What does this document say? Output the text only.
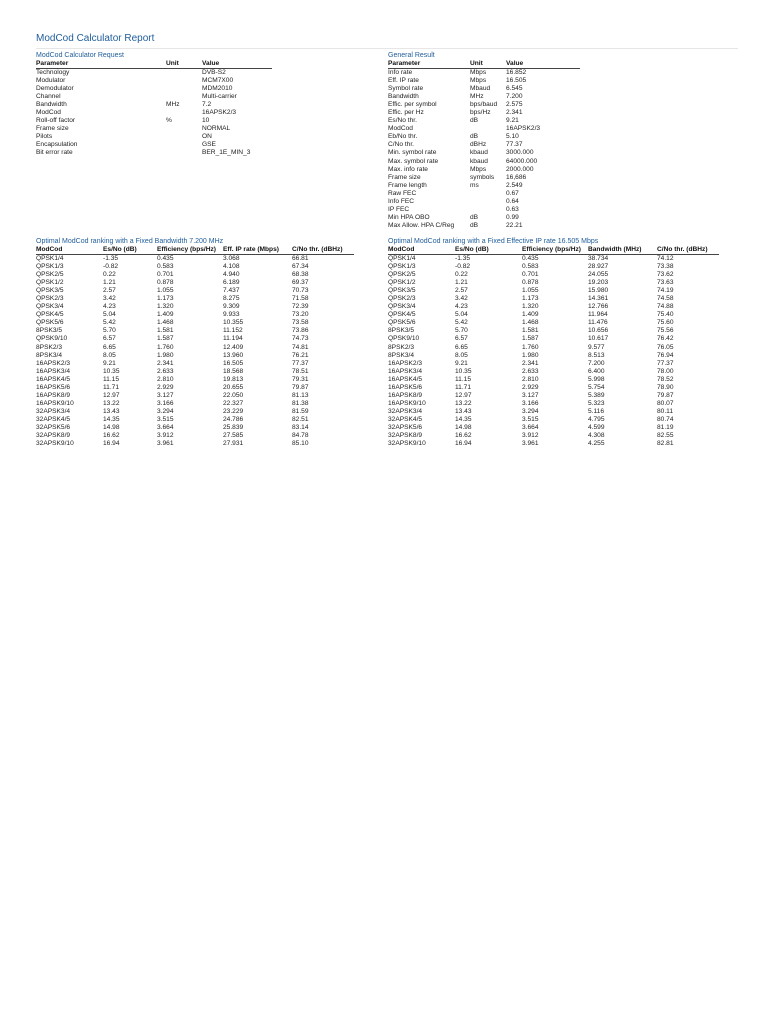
ModCod Calculator Report
ModCod Calculator Request
Parameter	Unit	Value
Technology		DVB-S2
Modulator		MCM7X00
Demodulator		MDM2010
Channel		Multi-carrier
Bandwidth	MHz	7.2
ModCod		16APSK2/3
Roll-off factor	%	10
Frame size		NORMAL
Pilots		ON
Encapsulation		GSE
Bit error rate		BER_1E_MIN_3
General Result
Parameter	Unit	Value
Info rate	Mbps	16.852
Eff. IP rate	Mbps	16.505
Symbol rate	Mbaud	6.545
Bandwidth	MHz	7.200
Effic. per symbol	bps/baud	2.575
Effic. per Hz	bps/Hz	2.341
Es/No thr.	dB	9.21
ModCod		16APSK2/3
Eb/No thr.	dB	5.10
C/No thr.	dBHz	77.37
Min. symbol rate	kbaud	3000.000
Max. symbol rate	kbaud	64000.000
Max. info rate	Mbps	2000.000
Frame size	symbols	16,686
Frame length	ms	2.549
Raw FEC		0.67
Info FEC		0.64
IP FEC		0.63
Min HPA OBO	dB	0.99
Max Allow. HPA C/Reg	dB	22.21
Optimal ModCod ranking with a Fixed Bandwidth 7.200 MHz
ModCod	Es/No (dB)	Efficiency (bps/Hz)	Eff. IP rate (Mbps)	C/No thr. (dBHz)
QPSK1/4	-1.35	0.435	3.068	66.81
QPSK1/3	-0.82	0.583	4.108	67.34
QPSK2/5	0.22	0.701	4.940	68.38
QPSK1/2	1.21	0.878	6.189	69.37
QPSK3/5	2.57	1.055	7.437	70.73
QPSK2/3	3.42	1.173	8.275	71.58
QPSK3/4	4.23	1.320	9.309	72.39
QPSK4/5	5.04	1.409	9.933	73.20
QPSK5/6	5.42	1.468	10.355	73.58
8PSK3/5	5.70	1.581	11.152	73.86
QPSK9/10	6.57	1.587	11.194	74.73
8PSK2/3	6.65	1.760	12.409	74.81
8PSK3/4	8.05	1.980	13.960	76.21
16APSK2/3	9.21	2.341	16.505	77.37
16APSK3/4	10.35	2.633	18.568	78.51
16APSK4/5	11.15	2.810	19.813	79.31
16APSK5/6	11.71	2.929	20.655	79.87
16APSK8/9	12.97	3.127	22.050	81.13
16APSK9/10	13.22	3.166	22.327	81.38
32APSK3/4	13.43	3.294	23.229	81.59
32APSK4/5	14.35	3.515	24.786	82.51
32APSK5/6	14.98	3.664	25.839	83.14
32APSK8/9	16.62	3.912	27.585	84.78
32APSK9/10	16.94	3.961	27.931	85.10
Optimal ModCod ranking with a Fixed Effective IP rate 16.505 Mbps
ModCod	Es/No (dB)	Efficiency (bps/Hz)	Bandwidth (MHz)	C/No thr. (dBHz)
QPSK1/4	-1.35	0.435	38.734	74.12
QPSK1/3	-0.82	0.583	28.927	73.38
QPSK2/5	0.22	0.701	24.055	73.62
QPSK1/2	1.21	0.878	19.203	73.63
QPSK3/5	2.57	1.055	15.980	74.19
QPSK2/3	3.42	1.173	14.361	74.58
QPSK3/4	4.23	1.320	12.766	74.88
QPSK4/5	5.04	1.409	11.964	75.40
QPSK5/6	5.42	1.468	11.476	75.60
8PSK3/5	5.70	1.581	10.656	75.56
QPSK9/10	6.57	1.587	10.617	76.42
8PSK2/3	6.65	1.760	9.577	76.05
8PSK3/4	8.05	1.980	8.513	76.94
16APSK2/3	9.21	2.341	7.200	77.37
16APSK3/4	10.35	2.633	6.400	78.00
16APSK4/5	11.15	2.810	5.998	78.52
16APSK5/6	11.71	2.929	5.754	78.90
16APSK8/9	12.97	3.127	5.389	79.87
16APSK9/10	13.22	3.166	5.323	80.07
32APSK3/4	13.43	3.294	5.116	80.11
32APSK4/5	14.35	3.515	4.795	80.74
32APSK5/6	14.98	3.664	4.599	81.19
32APSK8/9	16.62	3.912	4.308	82.55
32APSK9/10	16.94	3.961	4.255	82.81
